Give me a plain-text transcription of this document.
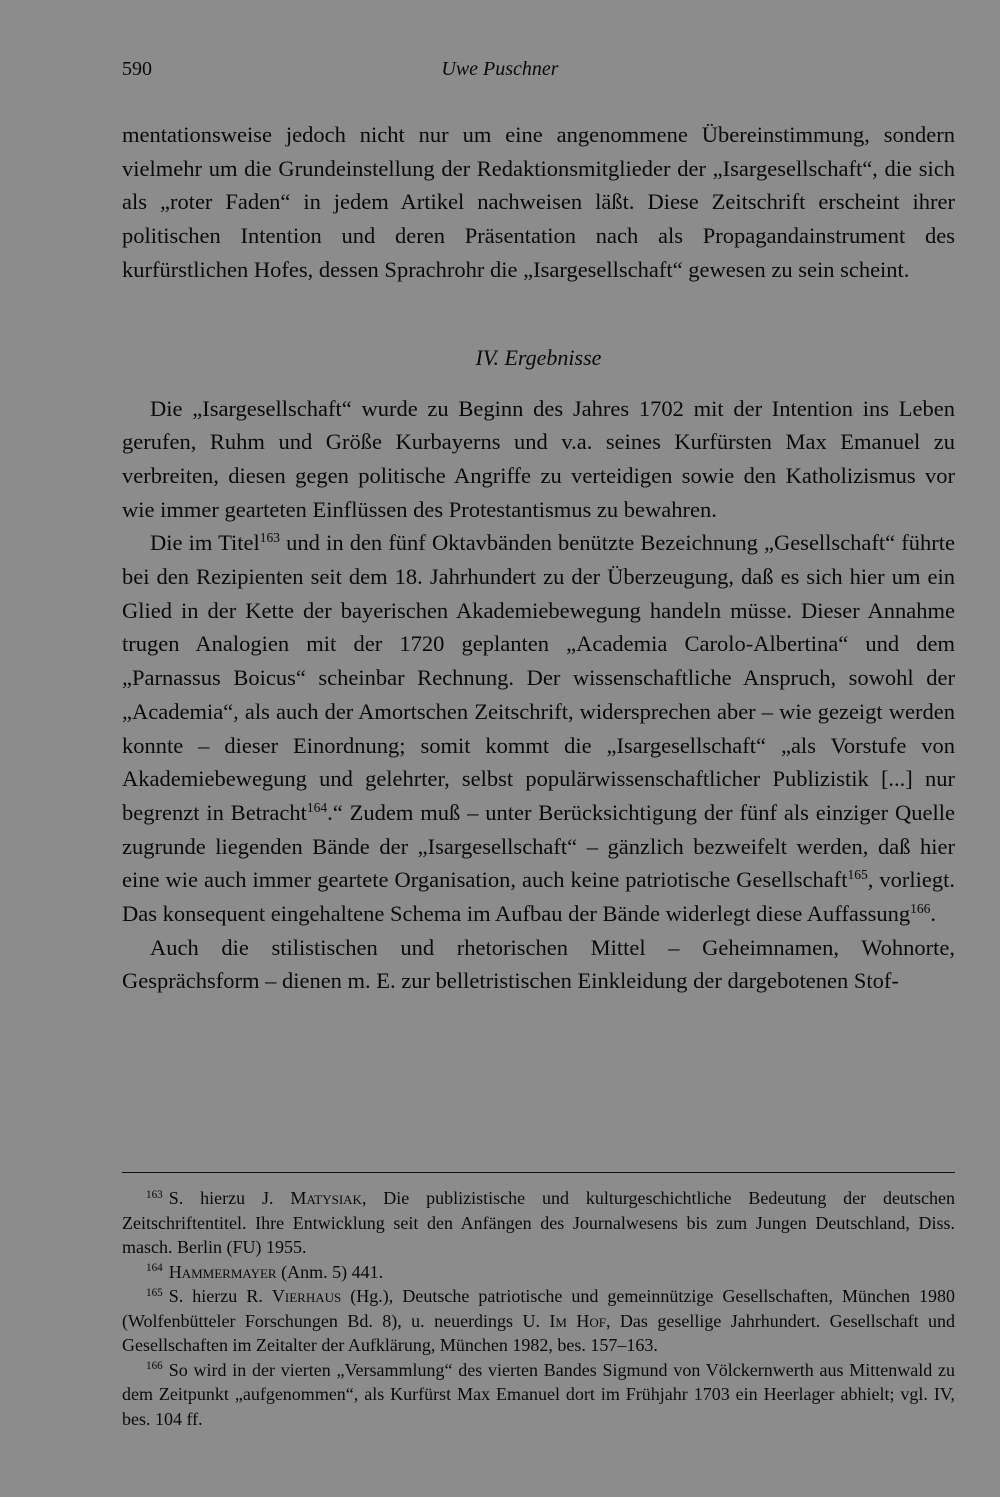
590	Uwe Puschner

mentationsweise jedoch nicht nur um eine angenommene Übereinstimmung, sondern vielmehr um die Grundeinstellung der Redaktionsmitglieder der „Isargesellschaft“, die sich als „roter Faden“ in jedem Artikel nachweisen läßt. Diese Zeitschrift erscheint ihrer politischen Intention und deren Präsentation nach als Propagandainstrument des kurfürstlichen Hofes, dessen Sprachrohr die „Isargesellschaft“ gewesen zu sein scheint.

IV. Ergebnisse

Die „Isargesellschaft“ wurde zu Beginn des Jahres 1702 mit der Intention ins Leben gerufen, Ruhm und Größe Kurbayerns und v.a. seines Kurfürsten Max Emanuel zu verbreiten, diesen gegen politische Angriffe zu verteidigen sowie den Katholizismus vor wie immer gearteten Einflüssen des Protestantismus zu bewahren.

Die im Titel$^{163}$ und in den fünf Oktavbänden benützte Bezeichnung „Gesellschaft“ führte bei den Rezipienten seit dem 18. Jahrhundert zu der Überzeugung, daß es sich hier um ein Glied in der Kette der bayerischen Akademiebewegung handeln müsse. Dieser Annahme trugen Analogien mit der 1720 geplanten „Academia Carolo-Albertina“ und dem „Parnassus Boicus“ scheinbar Rechnung. Der wissenschaftliche Anspruch, sowohl der „Academia“, als auch der Amortschen Zeitschrift, widersprechen aber – wie gezeigt werden konnte – dieser Einordnung; somit kommt die „Isargesellschaft“ „als Vorstufe von Akademiebewegung und gelehrter, selbst populärwissenschaftlicher Publizistik [...] nur begrenzt in Betracht$^{164}$.“ Zudem muß – unter Berücksichtigung der fünf als einziger Quelle zugrunde liegenden Bände der „Isargesellschaft“ – gänzlich bezweifelt werden, daß hier eine wie auch immer geartete Organisation, auch keine patriotische Gesellschaft$^{165}$, vorliegt. Das konsequent eingehaltene Schema im Aufbau der Bände widerlegt diese Auffassung$^{166}$.

Auch die stilistischen und rhetorischen Mittel – Geheimnamen, Wohnorte, Gesprächsform – dienen m. E. zur belletristischen Einkleidung der dargebotenen Stof-

$^{163}$ S. hierzu J. Matysiak, Die publizistische und kulturgeschichtliche Bedeutung der deutschen Zeitschriftentitel. Ihre Entwicklung seit den Anfängen des Journalwesens bis zum Jungen Deutschland, Diss. masch. Berlin (FU) 1955.

$^{164}$ Hammermayer (Anm. 5) 441.

$^{165}$ S. hierzu R. Vierhaus (Hg.), Deutsche patriotische und gemeinnützige Gesellschaften, München 1980 (Wolfenbütteler Forschungen Bd. 8), u. neuerdings U. Im Hof, Das gesellige Jahrhundert. Gesellschaft und Gesellschaften im Zeitalter der Aufklärung, München 1982, bes. 157–163.

$^{166}$ So wird in der vierten „Versammlung“ des vierten Bandes Sigmund von Völckernwerth aus Mittenwald zu dem Zeitpunkt „aufgenommen“, als Kurfürst Max Emanuel dort im Frühjahr 1703 ein Heerlager abhielt; vgl. IV, bes. 104 ff.
